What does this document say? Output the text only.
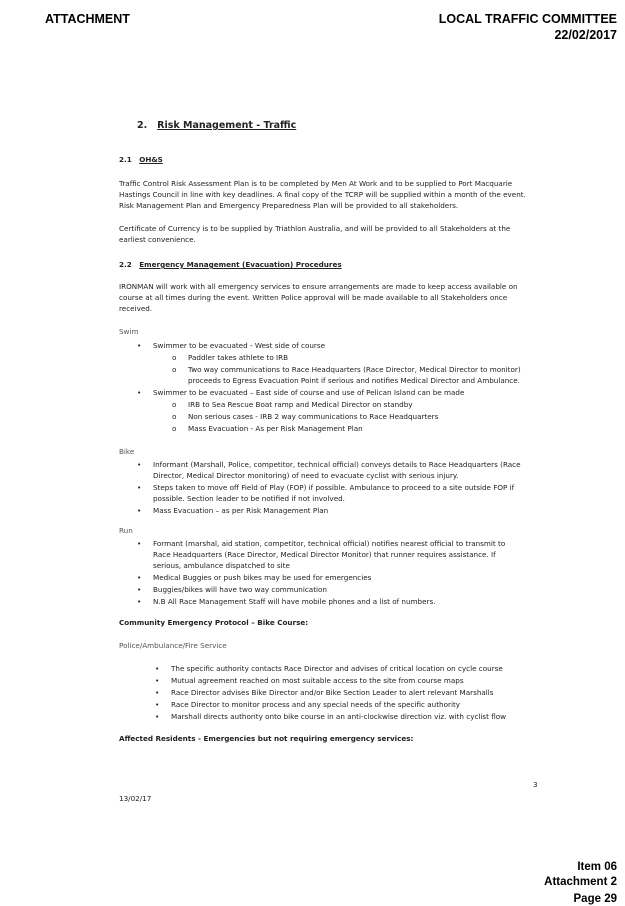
ATTACHMENT	LOCAL TRAFFIC COMMITTEE
22/02/2017
2. Risk Management - Traffic
2.1 OH&S
Traffic Control Risk Assessment Plan is to be completed by Men At Work and to be supplied to Port Macquarie
Hastings Council in line with key deadlines. A final copy of the TCRP will be supplied within a month of the event.
Risk Management Plan and Emergency Preparedness Plan will be provided to all stakeholders.
Certificate of Currency is to be supplied by Triathlon Australia, and will be provided to all Stakeholders at the
earliest convenience.
2.2 Emergency Management (Evacuation) Procedures
IRONMAN will work with all emergency services to ensure arrangements are made to keep access available on
course at all times during the event. Written Police approval will be made available to all Stakeholders once
received.
Swim
• Swimmer to be evacuated - West side of course
o Paddler takes athlete to IRB
o Two way communications to Race Headquarters (Race Director, Medical Director to monitor)
proceeds to Egress Evacuation Point if serious and notifies Medical Director and Ambulance.
• Swimmer to be evacuated – East side of course and use of Pelican Island can be made
o IRB to Sea Rescue Boat ramp and Medical Director on standby
o Non serious cases - IRB 2 way communications to Race Headquarters
o Mass Evacuation - As per Risk Management Plan
Bike
• Informant (Marshall, Police, competitor, technical official) conveys details to Race Headquarters (Race
Director, Medical Director monitoring) of need to evacuate cyclist with serious injury.
• Steps taken to move off Field of Play (FOP) if possible. Ambulance to proceed to a site outside FOP if
possible. Section leader to be notified if not involved.
• Mass Evacuation – as per Risk Management Plan
Run
• Formant (marshal, aid station, competitor, technical official) notifies nearest official to transmit to
Race Headquarters (Race Director, Medical Director Monitor) that runner requires assistance. If
serious, ambulance dispatched to site
• Medical Buggies or push bikes may be used for emergencies
• Buggies/bikes will have two way communication
• N.B All Race Management Staff will have mobile phones and a list of numbers.
Community Emergency Protocol – Bike Course:
Police/Ambulance/Fire Service
• The specific authority contacts Race Director and advises of critical location on cycle course
• Mutual agreement reached on most suitable access to the site from course maps
• Race Director advises Bike Director and/or Bike Section Leader to alert relevant Marshalls
• Race Director to monitor process and any special needs of the specific authority
• Marshall directs authority onto bike course in an anti-clockwise direction viz. with cyclist flow
Affected Residents - Emergencies but not requiring emergency services:
3
13/02/17
Item 06
Attachment 2
Page 29
